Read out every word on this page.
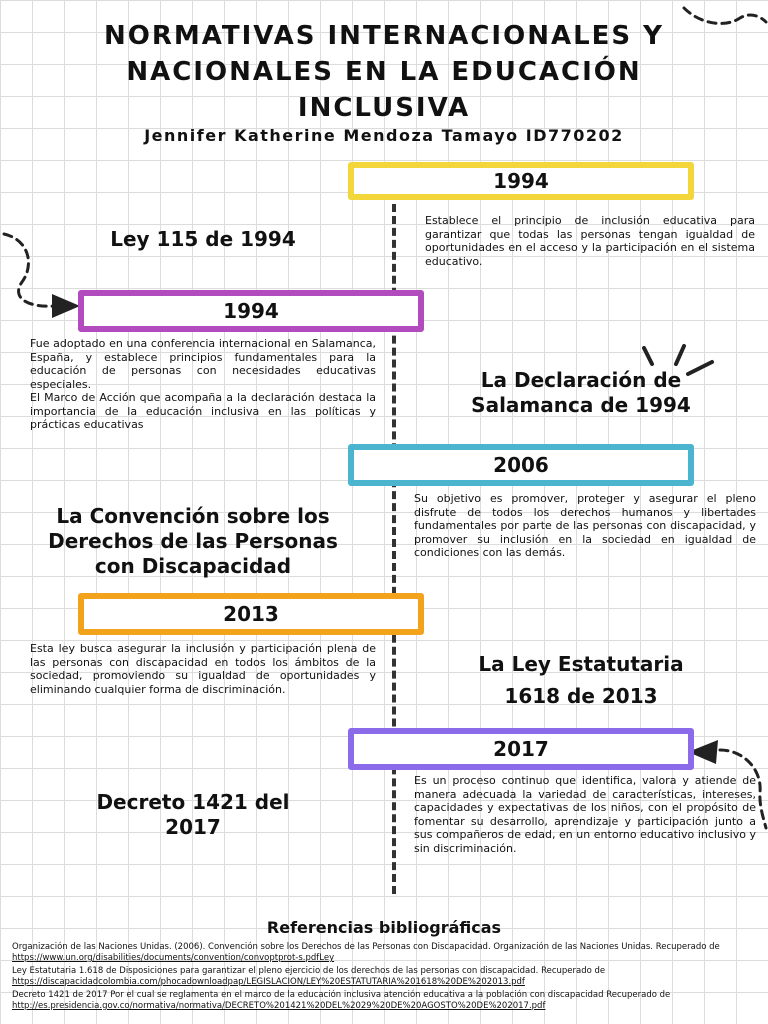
NORMATIVAS INTERNACIONALES Y
NACIONALES EN LA EDUCACIÓN
INCLUSIVA
Jennifer Katherine Mendoza Tamayo ID770202
1994
Ley 115 de 1994
Establece el principio de inclusión educativa para garantizar que todas las personas tengan igualdad de oportunidades en el acceso y la participación en el sistema educativo.
1994
La Declaración de
Salamanca de 1994

Fue adoptado en una conferencia internacional en Salamanca, España, y establece principios fundamentales para la educación de personas con necesidades educativas especiales.

El Marco de Acción que acompaña a la declaración destaca la importancia de la educación inclusiva en las políticas y prácticas educativas

2006
La Convención sobre los
Derechos de las Personas
con Discapacidad
Su objetivo es promover, proteger y asegurar el pleno disfrute de todos los derechos humanos y libertades fundamentales por parte de las personas con discapacidad, y promover su inclusión en la sociedad en igualdad de condiciones con las demás.
2013
La Ley Estatutaria
1618 de 2013
Esta ley busca asegurar la inclusión y participación plena de las personas con discapacidad en todos los ámbitos de la sociedad, promoviendo su igualdad de oportunidades y eliminando cualquier forma de discriminación.
2017
Decreto 1421 del
2017
Es un proceso continuo que identifica, valora y atiende de manera adecuada la variedad de características, intereses, capacidades y expectativas de los niños, con el propósito de fomentar su desarrollo, aprendizaje y participación junto a sus compañeros de edad, en un entorno educativo inclusivo y sin discriminación.
Referencias bibliográficas
Organización de las Naciones Unidas. (2006). Convención sobre los Derechos de las Personas con Discapacidad. Organización de las Naciones Unidas. Recuperado de https://www.un.org/disabilities/documents/convention/convoptprot-s.pdfLey
Ley Estatutaria 1.618 de Disposiciones para garantizar el pleno ejercicio de los derechos de las personas con discapacidad. Recuperado de https://discapacidadcolombia.com/phocadownloadpap/LEGISLACION/LEY%20ESTATUTARIA%201618%20DE%202013.pdf
Decreto 1421 de 2017 Por el cual se reglamenta en el marco de la educación inclusiva atención educativa a la población con discapacidad Recuperado de http://es.presidencia.gov.co/normativa/normativa/DECRETO%201421%20DEL%2029%20DE%20AGOSTO%20DE%202017.pdf
